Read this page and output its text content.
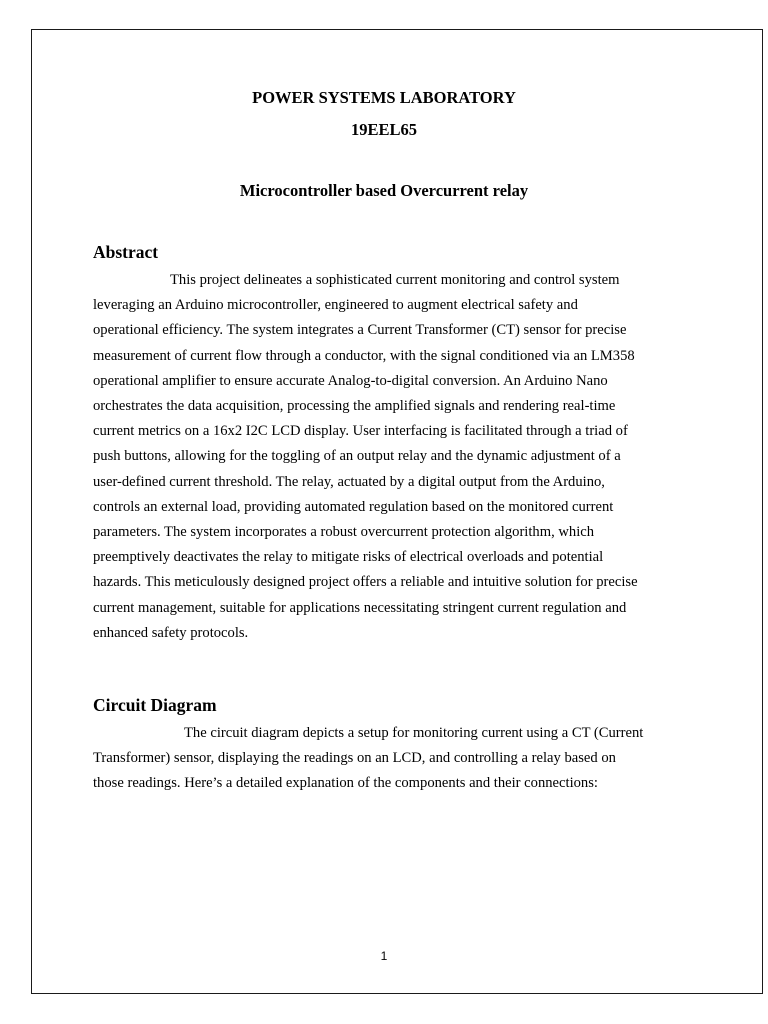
POWER SYSTEMS LABORATORY
19EEL65
Microcontroller based Overcurrent relay
Abstract

This project delineates a sophisticated current monitoring and control system
leveraging an Arduino microcontroller, engineered to augment electrical safety and
operational efficiency. The system integrates a Current Transformer (CT) sensor for precise
measurement of current flow through a conductor, with the signal conditioned via an LM358
operational amplifier to ensure accurate Analog-to-digital conversion. An Arduino Nano
orchestrates the data acquisition, processing the amplified signals and rendering real-time
current metrics on a 16x2 I2C LCD display. User interfacing is facilitated through a triad of
push buttons, allowing for the toggling of an output relay and the dynamic adjustment of a
user-defined current threshold. The relay, actuated by a digital output from the Arduino,
controls an external load, providing automated regulation based on the monitored current
parameters. The system incorporates a robust overcurrent protection algorithm, which
preemptively deactivates the relay to mitigate risks of electrical overloads and potential
hazards. This meticulously designed project offers a reliable and intuitive solution for precise
current management, suitable for applications necessitating stringent current regulation and
enhanced safety protocols.

Circuit Diagram

The circuit diagram depicts a setup for monitoring current using a CT (Current
Transformer) sensor, displaying the readings on an LCD, and controlling a relay based on
those readings. Here’s a detailed explanation of the components and their connections:

1
